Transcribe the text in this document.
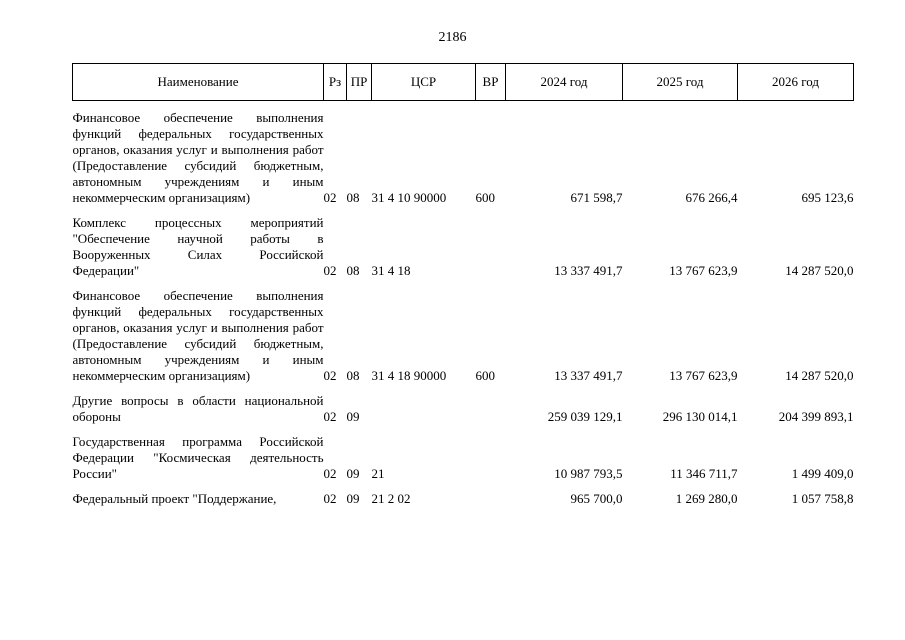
2186
Наименование	Рз	ПР	ЦСР	ВР	2024 год	2025 год	2026 год

Финансовое обеспечение выполнения функций федеральных государственных органов, оказания услуг и выполнения работ (Предоставление субсидий бюджетным, автономным учреждениям и иным некоммерческим организациям)	02	08	31 4 10 90000	600	671 598,7	676 266,4	695 123,6

Комплекс процессных мероприятий "Обеспечение научной работы в Вооруженных Силах Российской Федерации"	02	08	31 4 18		13 337 491,7	13 767 623,9	14 287 520,0

Финансовое обеспечение выполнения функций федеральных государственных органов, оказания услуг и выполнения работ (Предоставление субсидий бюджетным, автономным учреждениям и иным некоммерческим организациям)	02	08	31 4 18 90000	600	13 337 491,7	13 767 623,9	14 287 520,0

Другие вопросы в области национальной обороны	02	09			259 039 129,1	296 130 014,1	204 399 893,1

Государственная программа Российской Федерации "Космическая деятельность России"	02	09	21		10 987 793,5	11 346 711,7	1 499 409,0

Федеральный проект "Поддержание,	02	09	21 2 02		965 700,0	1 269 280,0	1 057 758,8
